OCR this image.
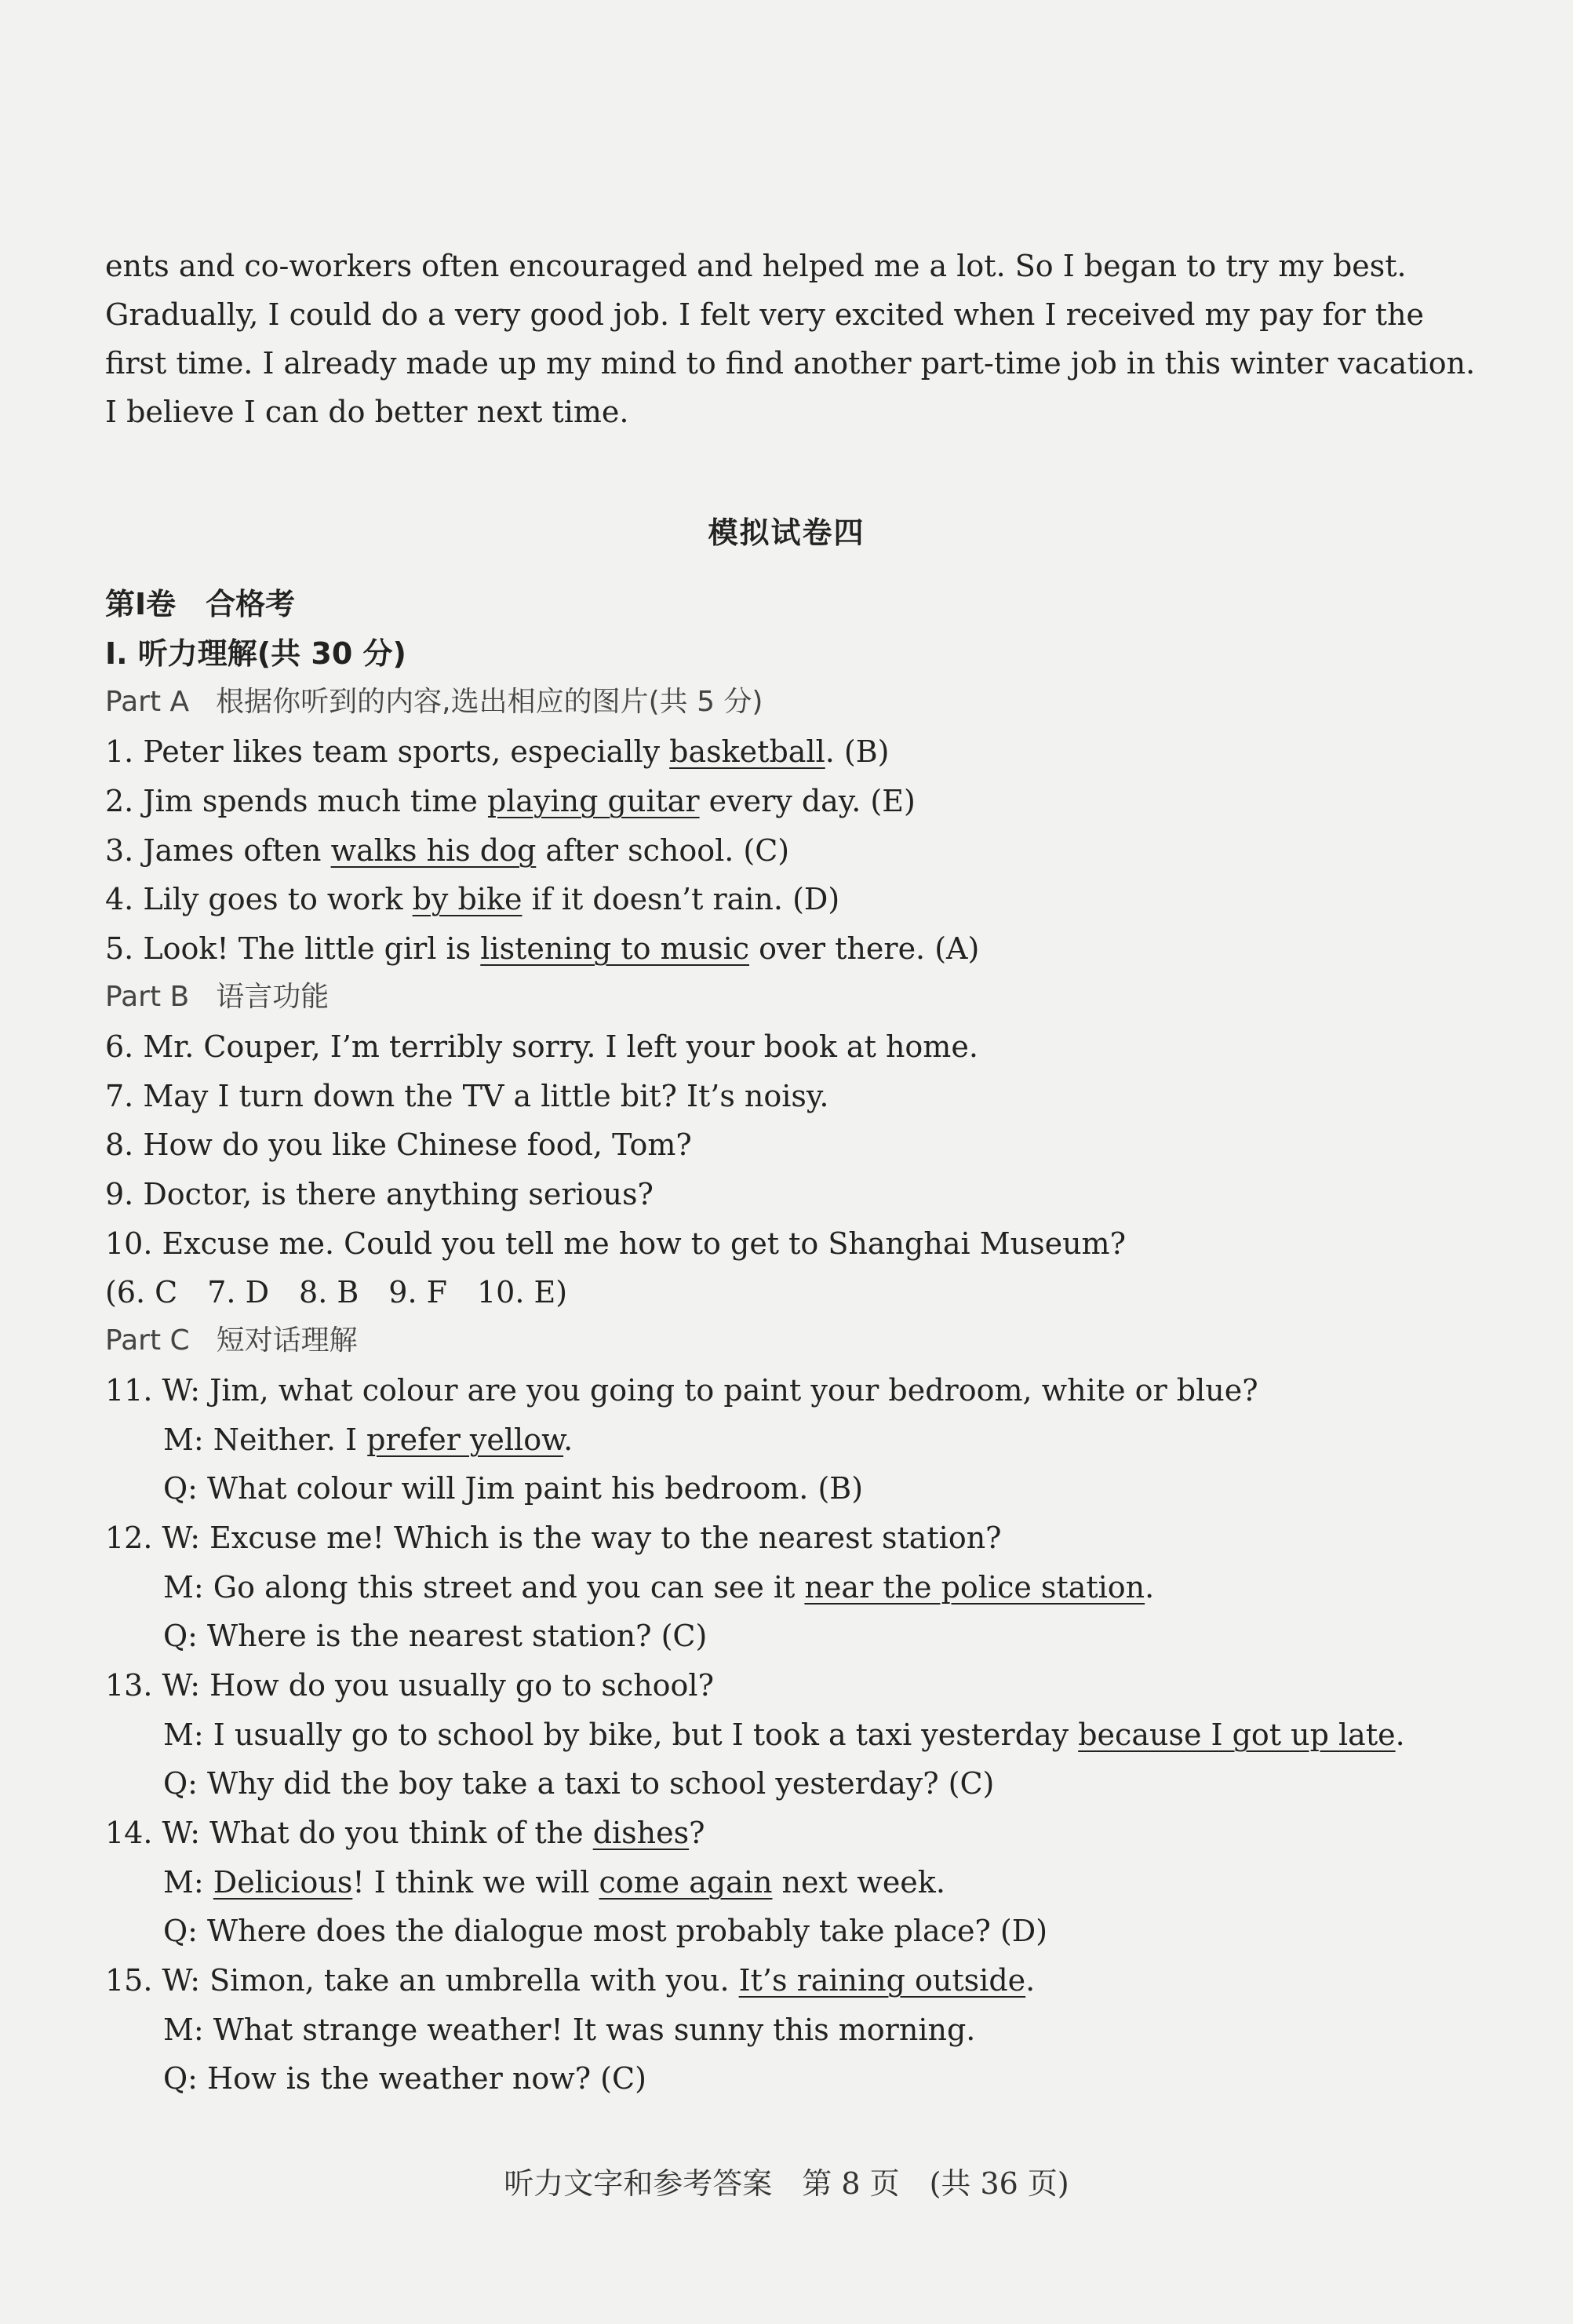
ents and co-workers often encouraged and helped me a lot. So I began to try my best.
Gradually, I could do a very good job. I felt very excited when I received my pay for the
first time. I already made up my mind to find another part-time job in this winter vacation.
I believe I can do better next time.
模拟试卷四
第Ⅰ卷　合格考
Ⅰ. 听力理解(共 30 分)
Part A 根据你听到的内容,选出相应的图片(共 5 分)
1. Peter likes team sports, especially basketball. (B)
2. Jim spends much time playing guitar every day. (E)
3. James often walks his dog after school. (C)
4. Lily goes to work by bike if it doesn’t rain. (D)
5. Look! The little girl is listening to music over there. (A)
Part B 语言功能
6. Mr. Couper, I’m terribly sorry. I left your book at home.
7. May I turn down the TV a little bit? It’s noisy.
8. How do you like Chinese food, Tom?
9. Doctor, is there anything serious?
10. Excuse me. Could you tell me how to get to Shanghai Museum?
(6. C　7. D　8. B　9. F　10. E)
Part C 短对话理解
11. W: Jim, what colour are you going to paint your bedroom, white or blue?
M: Neither. I prefer yellow.
Q: What colour will Jim paint his bedroom. (B)
12. W: Excuse me! Which is the way to the nearest station?
M: Go along this street and you can see it near the police station.
Q: Where is the nearest station? (C)
13. W: How do you usually go to school?
M: I usually go to school by bike, but I took a taxi yesterday because I got up late.
Q: Why did the boy take a taxi to school yesterday? (C)
14. W: What do you think of the dishes?
M: Delicious! I think we will come again next week.
Q: Where does the dialogue most probably take place? (D)
15. W: Simon, take an umbrella with you. It’s raining outside.
M: What strange weather! It was sunny this morning.
Q: How is the weather now? (C)
听力文字和参考答案　第 8 页　(共 36 页)
